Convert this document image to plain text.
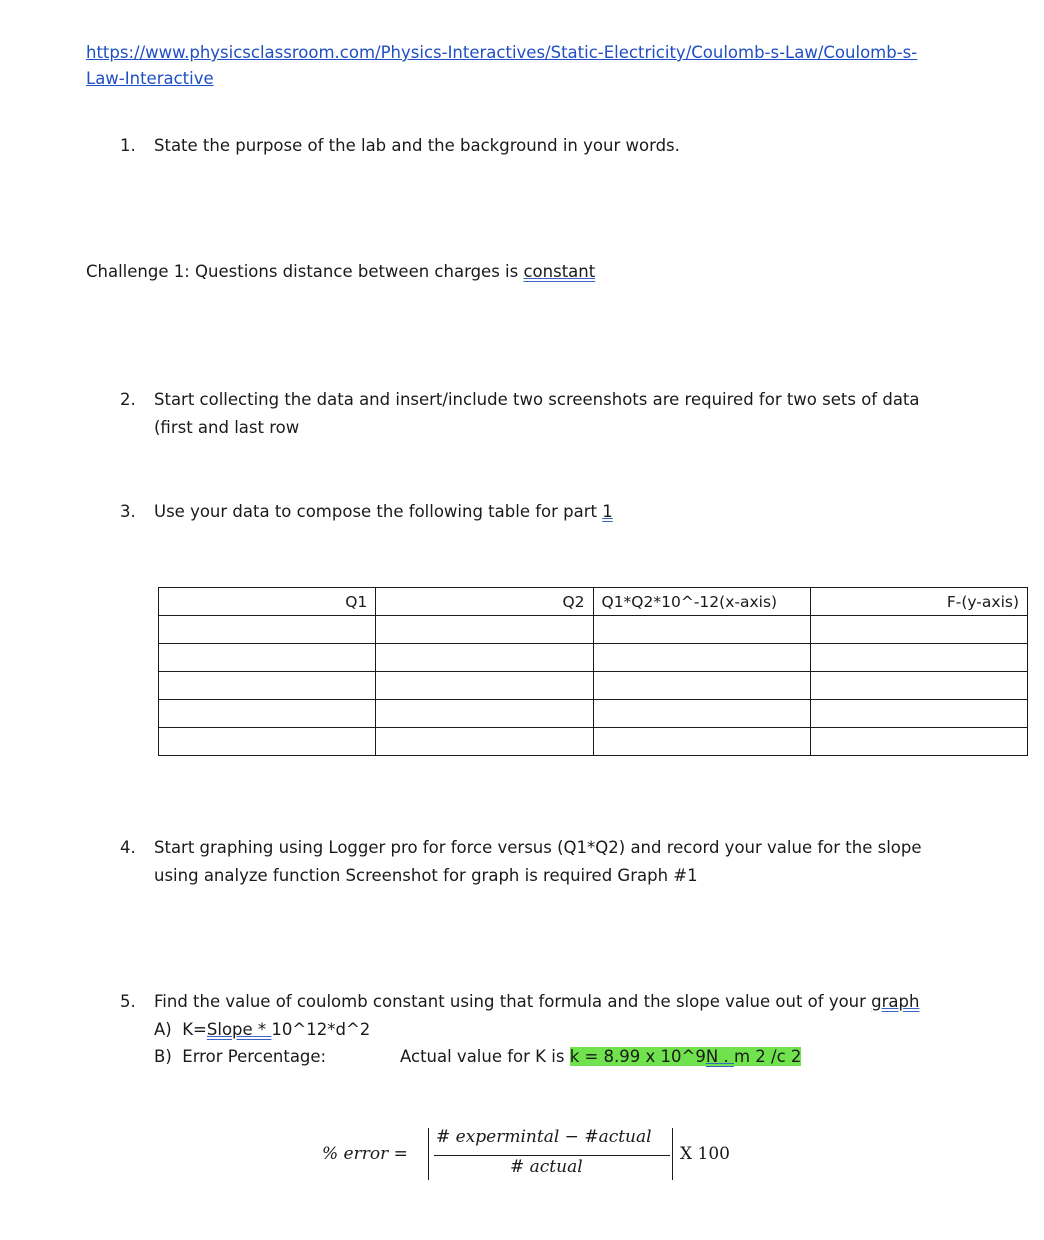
https://www.physicsclassroom.com/Physics-Interactives/Static-Electricity/Coulomb-s-Law/Coulomb-s-
Law-Interactive
1. State the purpose of the lab and the background in your words.
Challenge 1: Questions distance between charges is constant
2. Start collecting the data and insert/include two screenshots are required for two sets of data
(first and last row
3. Use your data to compose the following table for part 1
Q1	Q2	Q1*Q2*10^-12(x-axis)	F-(y-axis)

4. Start graphing using Logger pro for force versus (Q1*Q2) and record your value for the slope
using analyze function Screenshot for graph is required Graph #1
5. Find the value of coulomb constant using that formula and the slope value out of your graph
A) K=Slope * 10^12*d^2
B) Error Percentage:	Actual value for K is k = 8.99 x 10^9N . m 2 /c 2
% error =
# expermintal − #actual
# actual
X 100
